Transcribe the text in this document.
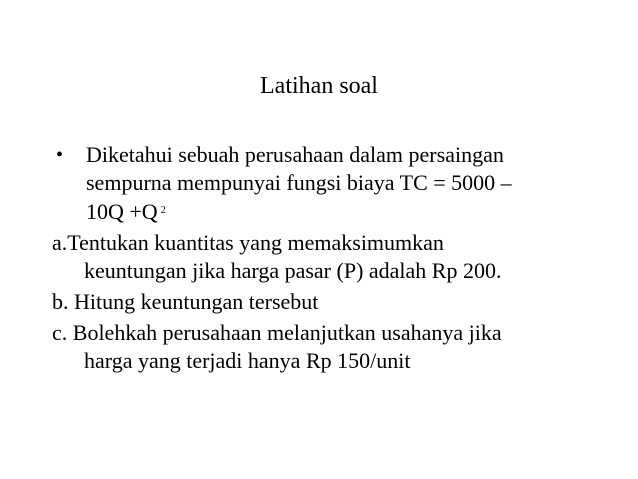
Latihan soal
•	Diketahui sebuah perusahaan dalam persaingan
sempurna mempunyai fungsi biaya TC = 5000 –
10Q +Q $^2$
a.Tentukan kuantitas yang memaksimumkan
keuntungan jika harga pasar (P) adalah Rp 200.
b. Hitung keuntungan tersebut
c. Bolehkah perusahaan melanjutkan usahanya jika
harga yang terjadi hanya Rp 150/unit
